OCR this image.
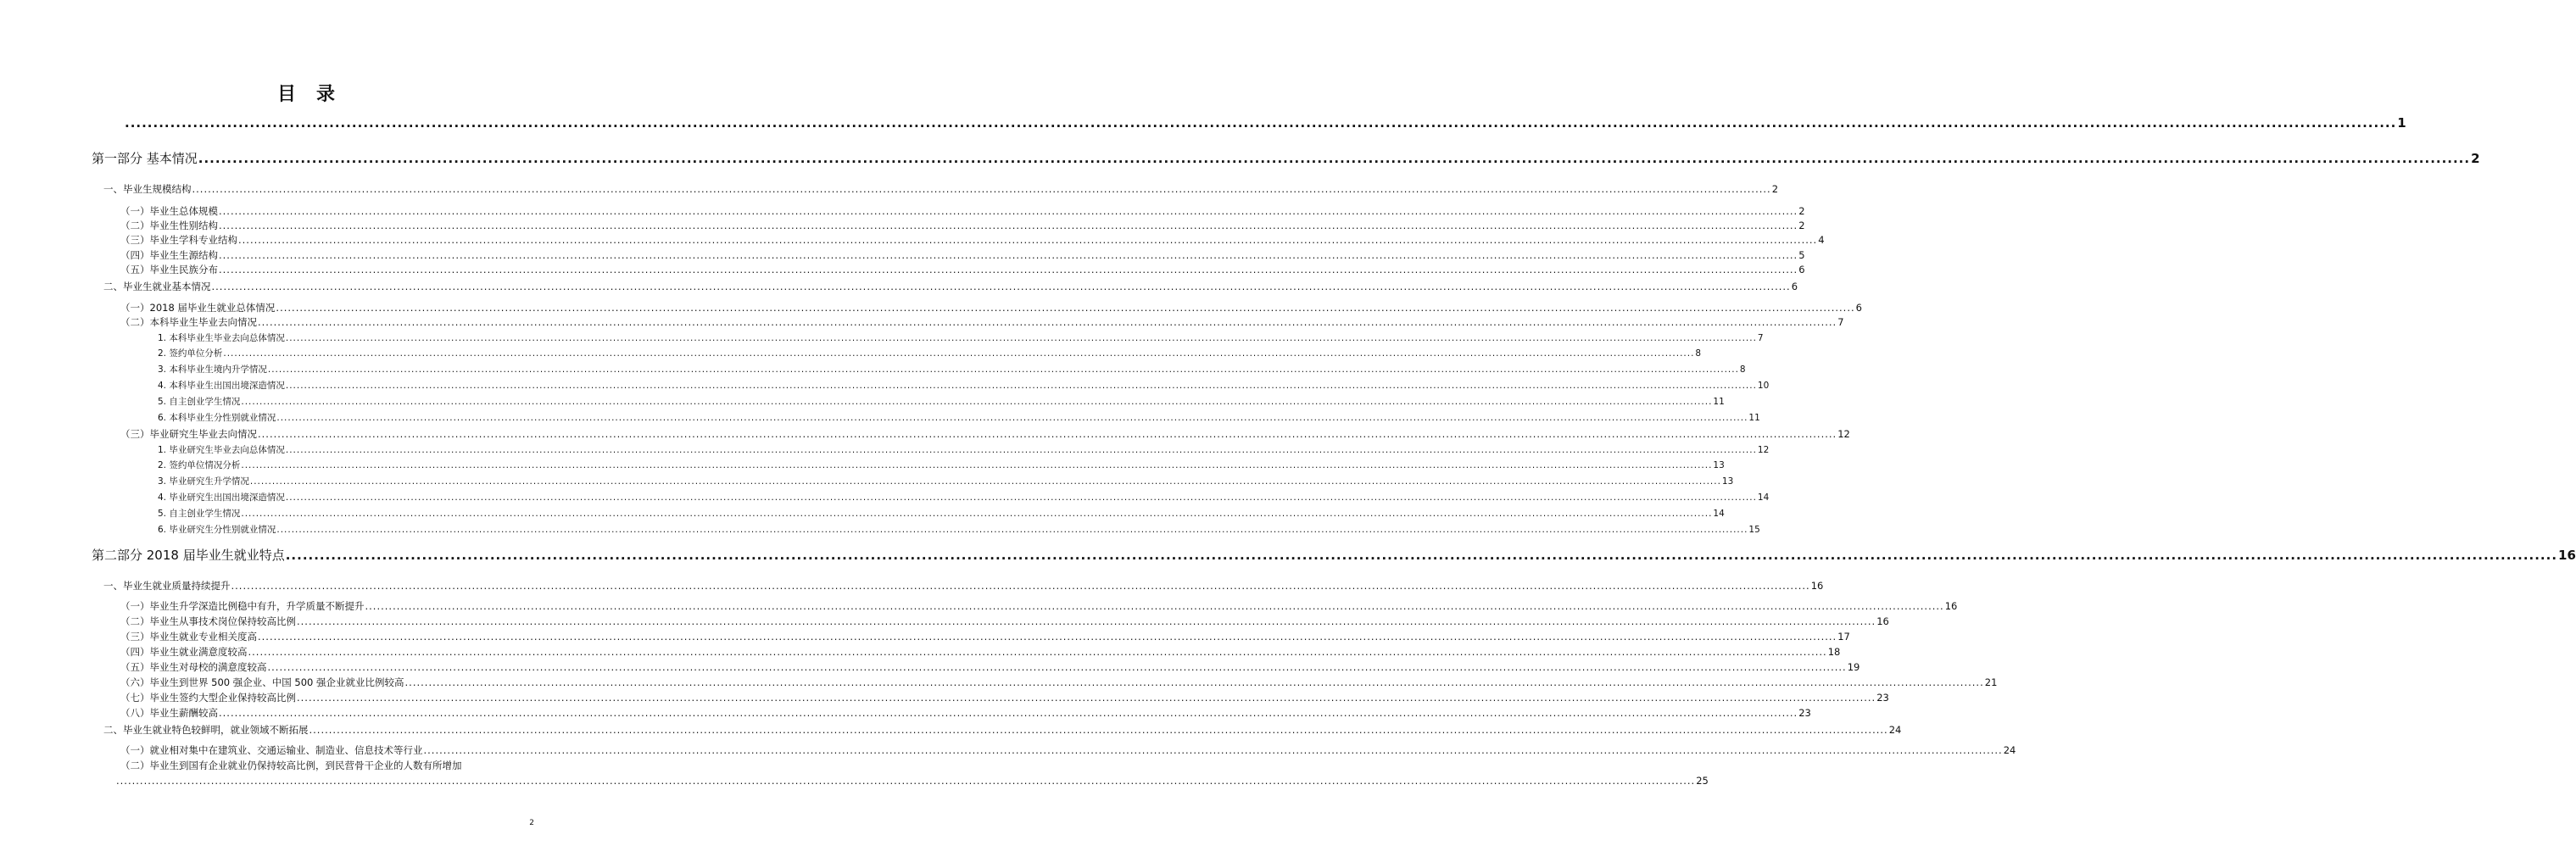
目 录
................................................................................................................................................................................................................................................................................................................................................................................................................ 1
第一部分 基本情况 ................................................................................................................................................................................................................................................................................................................................................................................................................ 2
一、毕业生规模结构 ................................................................................................................................................................................................................................................................................................................................................................................................................ 2
（一）毕业生总体规模 ................................................................................................................................................................................................................................................................................................................................................................................................................ 2
（二）毕业生性别结构 ................................................................................................................................................................................................................................................................................................................................................................................................................ 2
（三）毕业生学科专业结构 ................................................................................................................................................................................................................................................................................................................................................................................................................ 4
（四）毕业生生源结构 ................................................................................................................................................................................................................................................................................................................................................................................................................ 5
（五）毕业生民族分布 ................................................................................................................................................................................................................................................................................................................................................................................................................ 6
二、毕业生就业基本情况 ................................................................................................................................................................................................................................................................................................................................................................................................................ 6
（一）2018 届毕业生就业总体情况 ................................................................................................................................................................................................................................................................................................................................................................................................................ 6
（二）本科毕业生毕业去向情况 ................................................................................................................................................................................................................................................................................................................................................................................................................ 7
1. 本科毕业生毕业去向总体情况 ................................................................................................................................................................................................................................................................................................................................................................................................................ 7
2. 签约单位分析 ................................................................................................................................................................................................................................................................................................................................................................................................................ 8
3. 本科毕业生境内升学情况 ................................................................................................................................................................................................................................................................................................................................................................................................................ 8
4. 本科毕业生出国出境深造情况 ................................................................................................................................................................................................................................................................................................................................................................................................................ 10
5. 自主创业学生情况 ................................................................................................................................................................................................................................................................................................................................................................................................................ 11
6. 本科毕业生分性别就业情况 ................................................................................................................................................................................................................................................................................................................................................................................................................ 11
（三）毕业研究生毕业去向情况 ................................................................................................................................................................................................................................................................................................................................................................................................................ 12
1. 毕业研究生毕业去向总体情况 ................................................................................................................................................................................................................................................................................................................................................................................................................ 12
2. 签约单位情况分析 ................................................................................................................................................................................................................................................................................................................................................................................................................ 13
3. 毕业研究生升学情况 ................................................................................................................................................................................................................................................................................................................................................................................................................ 13
4. 毕业研究生出国出境深造情况 ................................................................................................................................................................................................................................................................................................................................................................................................................ 14
5. 自主创业学生情况 ................................................................................................................................................................................................................................................................................................................................................................................................................ 14
6. 毕业研究生分性别就业情况 ................................................................................................................................................................................................................................................................................................................................................................................................................ 15
第二部分 2018 届毕业生就业特点 ................................................................................................................................................................................................................................................................................................................................................................................................................ 16
一、毕业生就业质量持续提升 ................................................................................................................................................................................................................................................................................................................................................................................................................ 16
（一）毕业生升学深造比例稳中有升，升学质量不断提升 ................................................................................................................................................................................................................................................................................................................................................................................................................ 16
（二）毕业生从事技术岗位保持较高比例 ................................................................................................................................................................................................................................................................................................................................................................................................................ 16
（三）毕业生就业专业相关度高 ................................................................................................................................................................................................................................................................................................................................................................................................................ 17
（四）毕业生就业满意度较高 ................................................................................................................................................................................................................................................................................................................................................................................................................ 18
（五）毕业生对母校的满意度较高 ................................................................................................................................................................................................................................................................................................................................................................................................................ 19
（六）毕业生到世界 500 强企业、中国 500 强企业就业比例较高 ................................................................................................................................................................................................................................................................................................................................................................................................................ 21
（七）毕业生签约大型企业保持较高比例 ................................................................................................................................................................................................................................................................................................................................................................................................................ 23
（八）毕业生薪酬较高 ................................................................................................................................................................................................................................................................................................................................................................................................................ 23
二、毕业生就业特色较鲜明，就业领域不断拓展 ................................................................................................................................................................................................................................................................................................................................................................................................................ 24
（一）就业相对集中在建筑业、交通运输业、制造业、信息技术等行业 ................................................................................................................................................................................................................................................................................................................................................................................................................ 24
（二）毕业生到国有企业就业仍保持较高比例，到民营骨干企业的人数有所增加
................................................................................................................................................................................................................................................................................................................................................................................................................ 25
2
